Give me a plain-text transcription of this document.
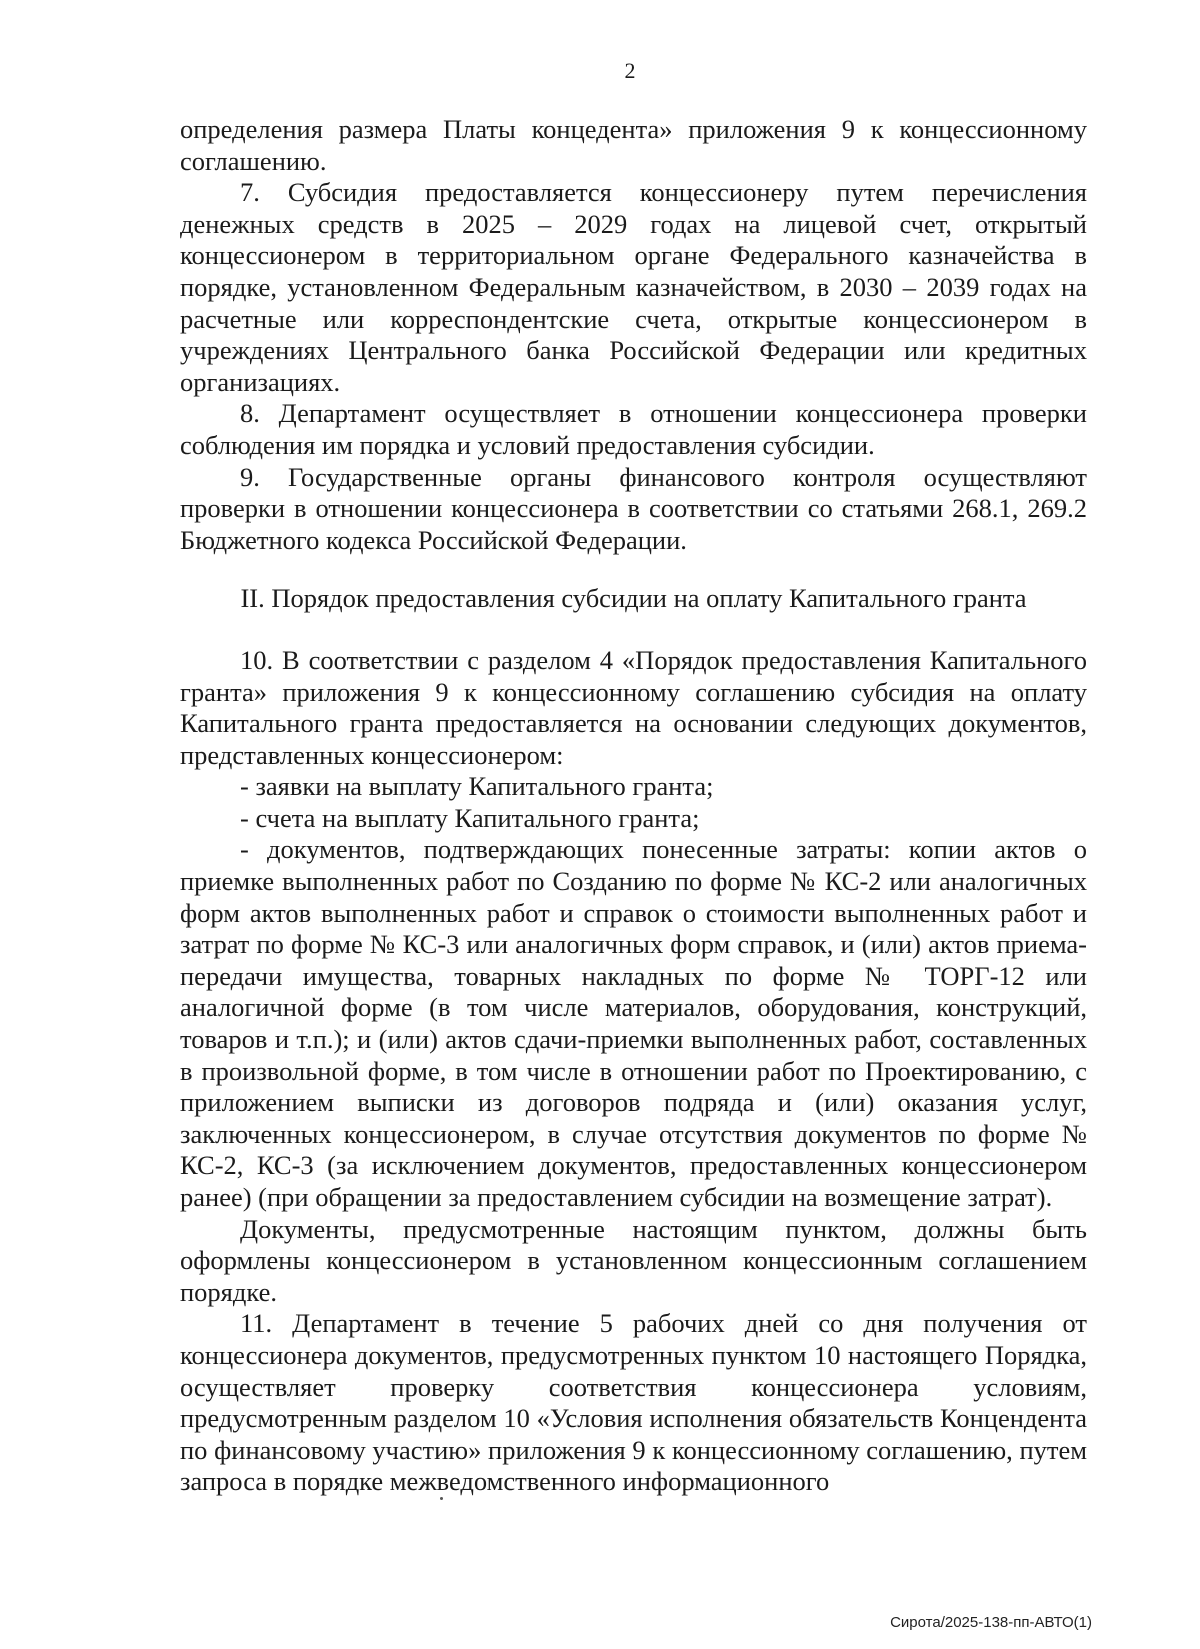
2

определения размера Платы концедента» приложения 9 к концессионному соглашению.

7. Субсидия предоставляется концессионеру путем перечисления денежных средств в 2025 – 2029 годах на лицевой счет, открытый концессионером в территориальном органе Федерального казначейства в порядке, установленном Федеральным казначейством, в 2030 – 2039 годах на расчетные или корреспондентские счета, открытые концессионером в учреждениях Центрального банка Российской Федерации или кредитных организациях.

8. Департамент осуществляет в отношении концессионера проверки соблюдения им порядка и условий предоставления субсидии.

9. Государственные органы финансового контроля осуществляют проверки в отношении концессионера в соответствии со статьями 268.1, 269.2 Бюджетного кодекса Российской Федерации.

II. Порядок предоставления субсидии на оплату Капитального гранта

10. В соответствии с разделом 4 «Порядок предоставления Капитального гранта» приложения 9 к концессионному соглашению субсидия на оплату Капитального гранта предоставляется на основании следующих документов, представленных концессионером:

- заявки на выплату Капитального гранта;

- счета на выплату Капитального гранта;

- документов, подтверждающих понесенные затраты: копии актов о приемке выполненных работ по Созданию по форме № КС-2 или аналогичных форм актов выполненных работ и справок о стоимости выполненных работ и затрат по форме № КС-3 или аналогичных форм справок, и (или) актов приема-передачи имущества, товарных накладных по форме № ТОРГ-12 или аналогичной форме (в том числе материалов, оборудования, конструкций, товаров и т.п.); и (или) актов сдачи-приемки выполненных работ, составленных в произвольной форме, в том числе в отношении работ по Проектированию, с приложением выписки из договоров подряда и (или) оказания услуг, заключенных концессионером, в случае отсутствия документов по форме № КС-2, КС-3 (за исключением документов, предоставленных концессионером ранее) (при обращении за предоставлением субсидии на возмещение затрат).

Документы, предусмотренные настоящим пунктом, должны быть оформлены концессионером в установленном концессионным соглашением порядке.

11. Департамент в течение 5 рабочих дней со дня получения от концессионера документов, предусмотренных пунктом 10 настоящего Порядка, осуществляет проверку соответствия концессионера условиям, предусмотренным разделом 10 «Условия исполнения обязательств Концендента по финансовому участию» приложения 9 к концессионному соглашению, путем запроса в порядке межведомственного информационного

Сирота/2025-138-пп-АВТО(1)
